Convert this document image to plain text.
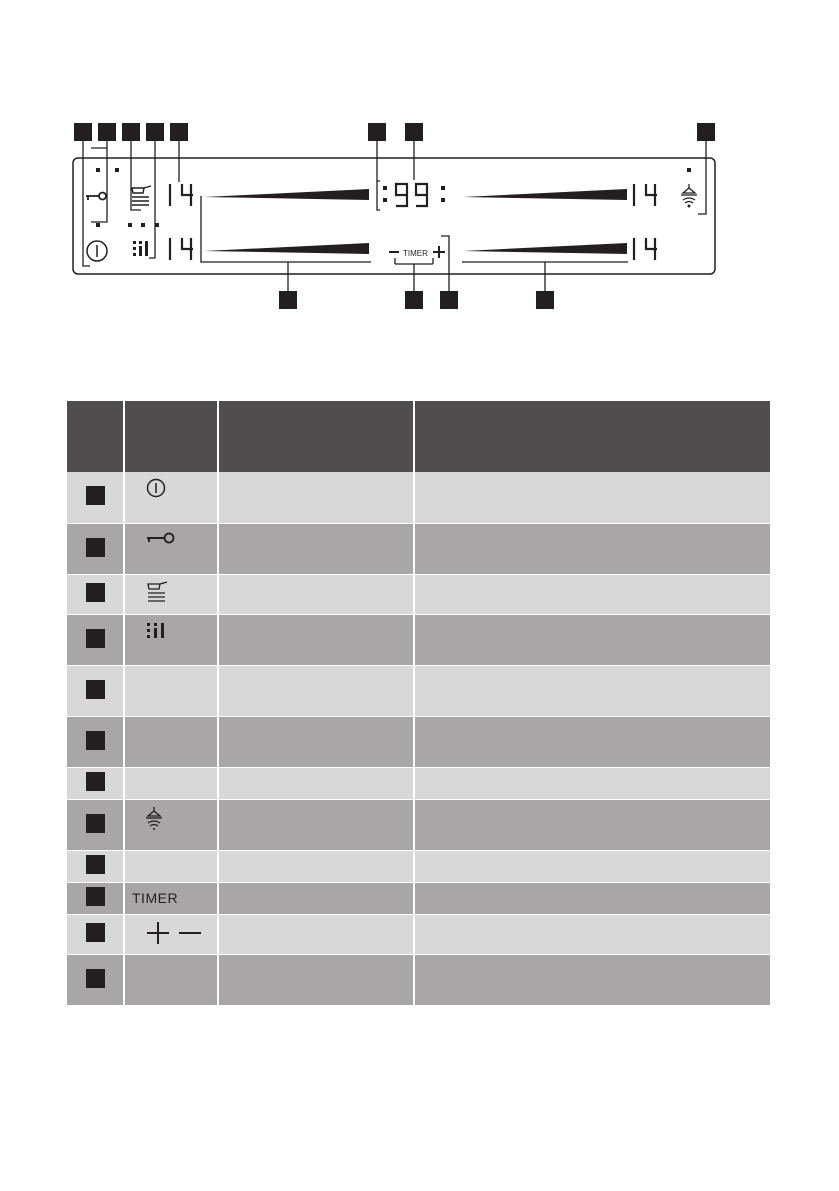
TIMER

	TIMER		
